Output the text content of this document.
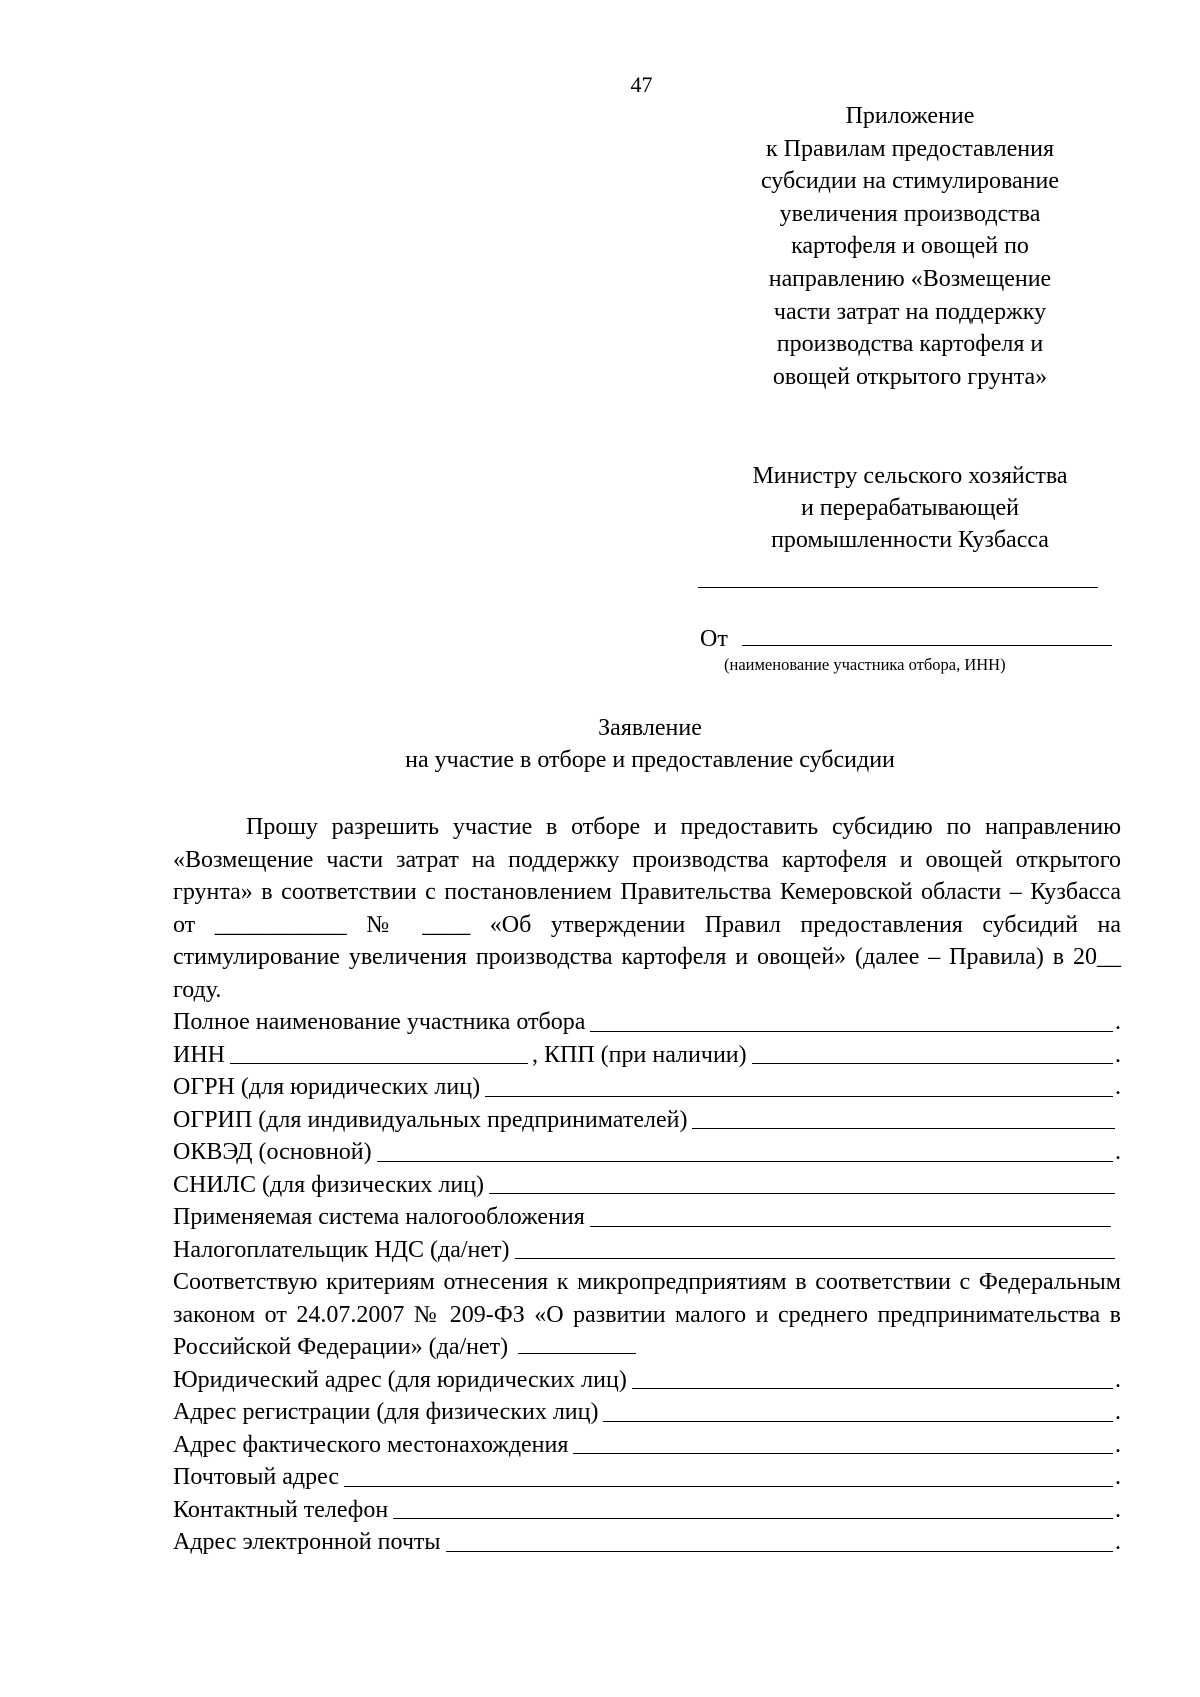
47
Приложение
к Правилам предоставления
субсидии на стимулирование
увеличения производства
картофеля и овощей по
направлению «Возмещение
части затрат на поддержку
производства картофеля и
овощей открытого грунта»
Министру сельского хозяйства
и перерабатывающей
промышленности Кузбасса
От
(наименование участника отбора, ИНН)
Заявление
на участие в отборе и предоставление субсидии

Прошу разрешить участие в отборе и предоставить субсидию по направлению «Возмещение части затрат на поддержку производства картофеля и овощей открытого грунта» в соответствии с постановлением Правительства Кемеровской области – Кузбасса от ___________ № ____ «Об утверждении Правил предоставления субсидий на стимулирование увеличения производства картофеля и овощей» (далее – Правила) в 20__ году.

Полное наименование участника отбора	.
ИНН	, КПП (при наличии)	.
ОГРН (для юридических лиц)	.
ОГРИП (для индивидуальных предпринимателей)
ОКВЭД (основной)	.
СНИЛС (для физических лиц)
Применяемая система налогообложения
Налогоплательщик НДС (да/нет)

Соответствую критериям отнесения к микропредприятиям в соответствии с Федеральным законом от 24.07.2007 № 209-ФЗ «О развитии малого и среднего предпринимательства в Российской Федерации» (да/нет)

Юридический адрес (для юридических лиц)	.
Адрес регистрации (для физических лиц)	.
Адрес фактического местонахождения	.
Почтовый адрес	.
Контактный телефон	.
Адрес электронной почты	.
